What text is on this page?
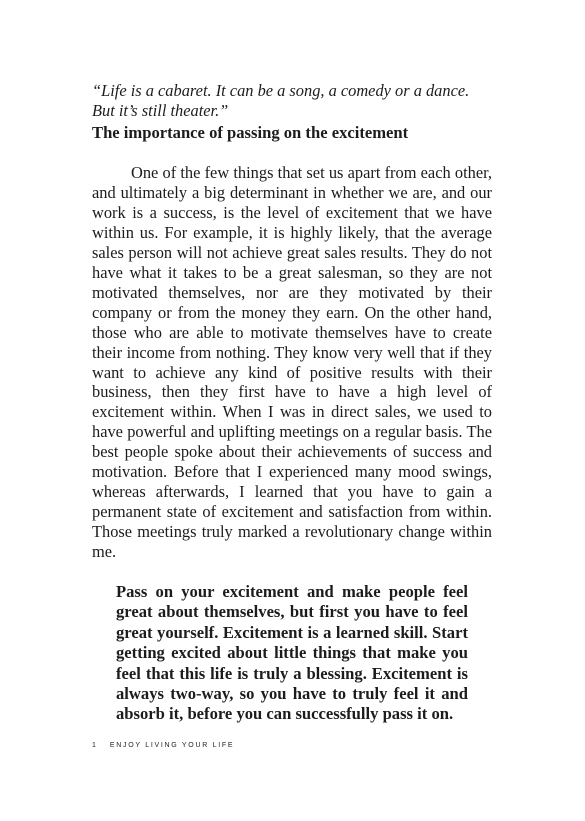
“Life is a cabaret. It can be a song, a comedy or a dance. But it’s still theater.”

The importance of passing on the excitement

One of the few things that set us apart from each other, and ultimately a big determinant in whether we are, and our work is a success, is the level of excitement that we have within us. For example, it is highly likely, that the average sales person will not achieve great sales results. They do not have what it takes to be a great salesman, so they are not motivated themselves, nor are they motivated by their company or from the money they earn. On the other hand, those who are able to motivate themselves have to create their income from nothing. They know very well that if they want to achieve any kind of positive results with their business, then they first have to have a high level of excitement within. When I was in direct sales, we used to have powerful and uplifting meetings on a regular basis. The best people spoke about their achievements of success and motivation. Before that I experienced many mood swings, whereas afterwards, I learned that you have to gain a permanent state of excitement and satisfaction from within. Those meetings truly marked a revolutionary change within me.

Pass on your excitement and make people feel great about themselves, but first you have to feel great yourself. Excitement is a learned skill. Start getting excited about little things that make you feel that this life is truly a blessing. Excitement is always two-way, so you have to truly feel it and absorb it, before you can successfully pass it on.

1 ENJOY LIVING YOUR LIFE
